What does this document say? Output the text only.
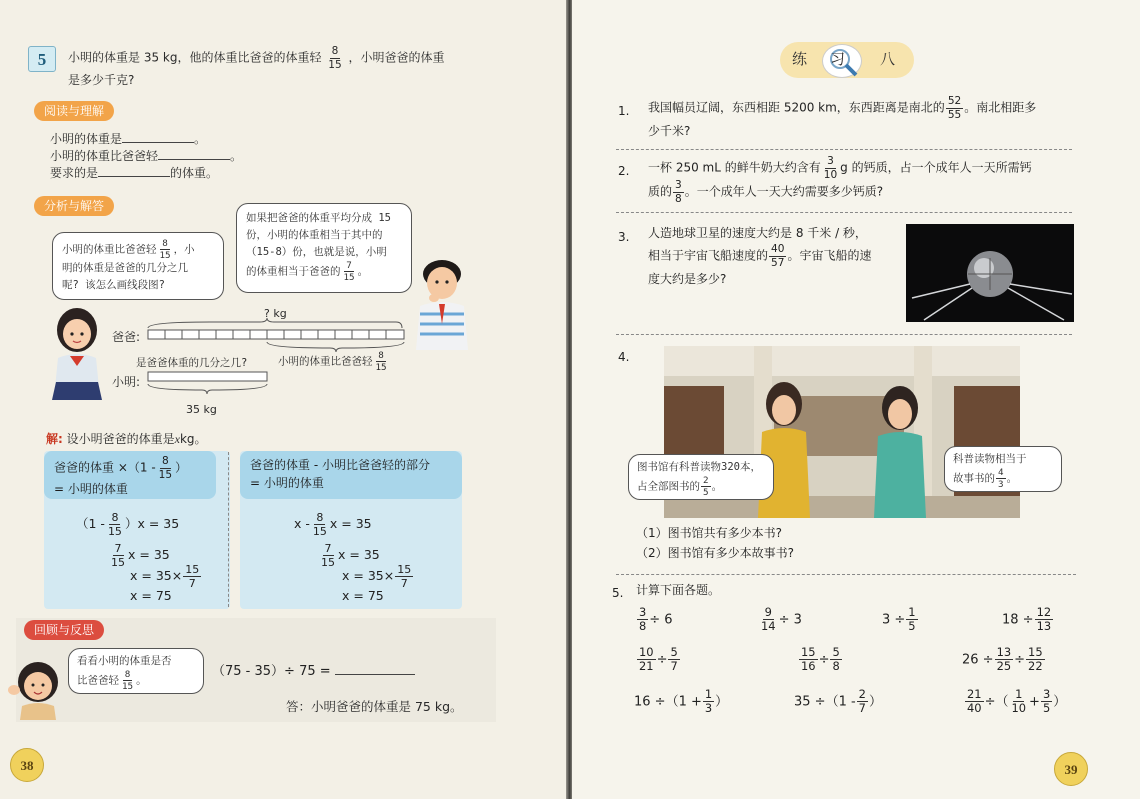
5	小明的体重是 35 kg，他的体重比爸爸的体重轻 $\frac{8}{15}$ ，小明爸爸的体重
是多少千克?
阅读与理解
小明的体重是	。
小明的体重比爸爸轻	。
要求的是	的体重。
分析与解答
小明的体重比爸爸轻 $\frac{8}{15}$ ，小
明的体重是爸爸的几分之几
呢? 该怎么画线段图?
如果把爸爸的体重平均分成 15
份，小明的体重相当于其中的
（15-8）份，也就是说，小明
的体重相当于爸爸的 $\frac{7}{15}$ 。
? kg
爸爸:
是爸爸体重的几分之几?	小明的体重比爸爸轻 $\frac{8}{15}$
小明:
35 kg
解: 设小明爸爸的体重是xkg。
爸爸的体重 $\times(1 - \frac{8}{15}$ ）
= 小明的体重
$(1 - \frac{8}{15} )x = 35$
$\frac{7}{15}$ x = 35
$x = 35\times \frac{15}{7}$
x = 75
爸爸的体重 - 小明比爸爸轻的部分
= 小明的体重
x - $\frac{8}{15}$ x = 35
$\frac{7}{15}$ x = 35
$x = 35\times \frac{15}{7}$
x = 75
回顾与反思
看看小明的体重是否
比爸爸轻 $\frac{8}{15}$ 。
（75 - 35）÷ 75 =
答：小明爸爸的体重是 75 kg。
38
练 习 八
1. 我国幅员辽阔，东西相距 5200 km，东西距离是南北的 $\frac{52}{55}$ 。南北相距多
少千米?
2. 一杯 250 mL 的鲜牛奶大约含有 $\frac{3}{10}$ g 的钙质，占一个成年人一天所需钙
质的 $\frac{3}{8}$ 。一个成年人一天大约需要多少钙质?
3. 人造地球卫星的速度大约是 8 千米 / 秒，
相当于宇宙飞船速度的 $\frac{40}{57}$ 。宇宙飞船的速
度大约是多少?
4.
图书馆有科普读物320本，
占全部图书的 $\frac{2}{5}$ 。
科普读物相当于
故事书的 $\frac{4}{3}$ 。
（1）图书馆共有多少本书?
（2）图书馆有多少本故事书?
5. 计算下面各题。
$\frac{3}{8} \div 6$	$\frac{9}{14} \div 3$	$3 \div \frac{1}{5}$	$18 \div \frac{12}{13}$
$\frac{10}{21} \div \frac{5}{7}$	$\frac{15}{16} \div \frac{5}{8}$	$26 \div \frac{13}{25} \div \frac{15}{22}$
$16 \div(1 + \frac{1}{3}$ ）	$35 \div(1 - \frac{2}{7}$ ）	$\frac{21}{40}$ ÷（ $\frac{1}{10} + \frac{3}{5}$ ）
39
